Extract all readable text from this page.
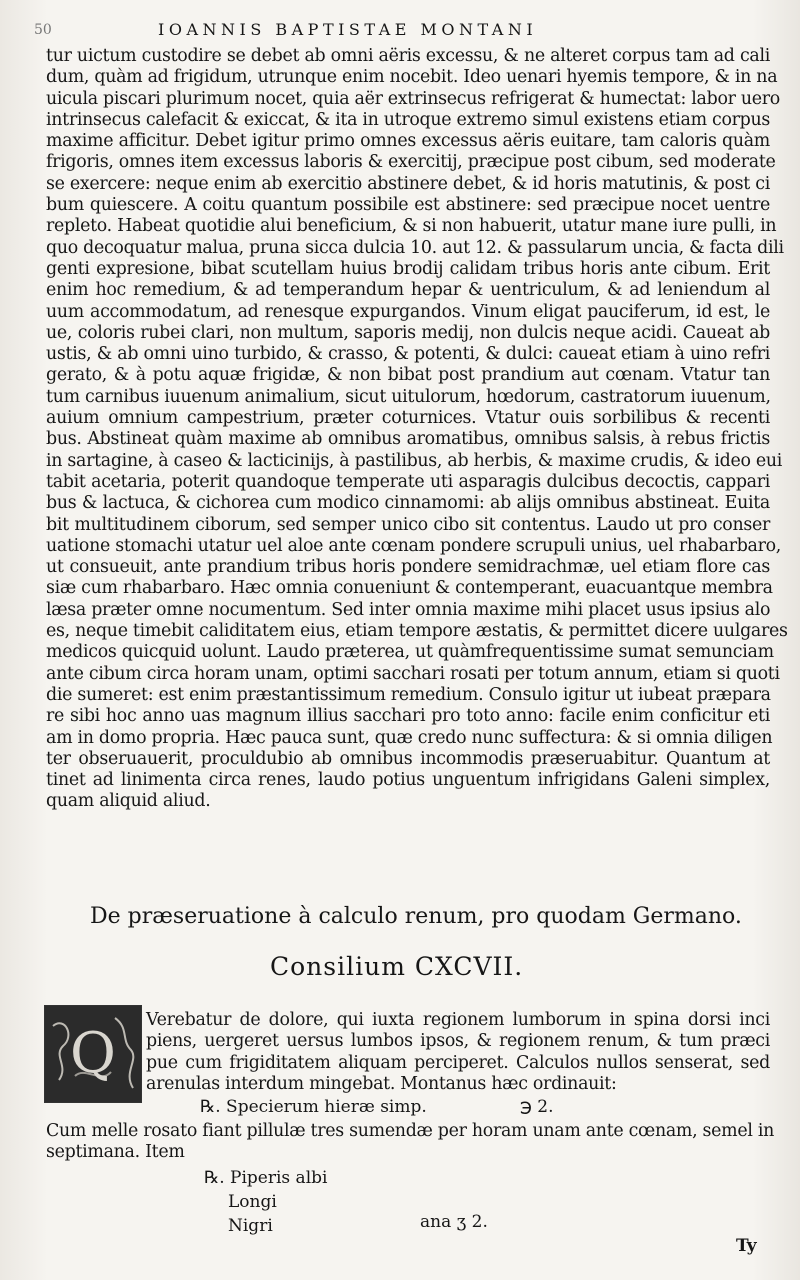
50	IOANNIS BAPTISTAE MONTANI
tur uictum custodire se debet ab omni aëris excessu, & ne alteret corpus tam ad cali
dum, quàm ad frigidum, utrunque enim nocebit. Ideo uenari hyemis tempore, & in na
uicula piscari plurimum nocet, quia aër extrinsecus refrigerat & humectat: labor uero
intrinsecus calefacit & exiccat, & ita in utroque extremo simul existens etiam corpus
maxime afficitur. Debet igitur primo omnes excessus aëris euitare, tam caloris quàm
frigoris, omnes item excessus laboris & exercitij, præcipue post cibum, sed moderate
se exercere: neque enim ab exercitio abstinere debet, & id horis matutinis, & post ci
bum quiescere. A coitu quantum possibile est abstinere: sed præcipue nocet uentre
repleto. Habeat quotidie alui beneficium, & si non habuerit, utatur mane iure pulli, in
quo decoquatur malua, pruna sicca dulcia 10. aut 12. & passularum uncia, & facta dili
genti expresione, bibat scutellam huius brodij calidam tribus horis ante cibum. Erit
enim hoc remedium, & ad temperandum hepar & uentriculum, & ad leniendum al
uum accommodatum, ad renesque expurgandos. Vinum eligat pauciferum, id est, le
ue, coloris rubei clari, non multum, saporis medij, non dulcis neque acidi. Caueat ab
ustis, & ab omni uino turbido, & crasso, & potenti, & dulci: caueat etiam à uino refri
gerato, & à potu aquæ frigidæ, & non bibat post prandium aut cœnam. Vtatur tan
tum carnibus iuuenum animalium, sicut uitulorum, hœdorum, castratorum iuuenum,
auium omnium campestrium, præter coturnices. Vtatur ouis sorbilibus & recenti
bus. Abstineat quàm maxime ab omnibus aromatibus, omnibus salsis, à rebus frictis
in sartagine, à caseo & lacticinijs, à pastilibus, ab herbis, & maxime crudis, & ideo eui
tabit acetaria, poterit quandoque temperate uti asparagis dulcibus decoctis, cappari
bus & lactuca, & cichorea cum modico cinnamomi: ab alijs omnibus abstineat. Euita
bit multitudinem ciborum, sed semper unico cibo sit contentus. Laudo ut pro conser
uatione stomachi utatur uel aloe ante cœnam pondere scrupuli unius, uel rhabarbaro,
ut consueuit, ante prandium tribus horis pondere semidrachmæ, uel etiam flore cas
siæ cum rhabarbaro. Hæc omnia conueniunt & contemperant, euacuantque membra
læsa præter omne nocumentum. Sed inter omnia maxime mihi placet usus ipsius alo
es, neque timebit caliditatem eius, etiam tempore æstatis, & permittet dicere uulgares
medicos quicquid uolunt. Laudo præterea, ut quàmfrequentissime sumat semunciam
ante cibum circa horam unam, optimi sacchari rosati per totum annum, etiam si quoti
die sumeret: est enim præstantissimum remedium. Consulo igitur ut iubeat præpara
re sibi hoc anno uas magnum illius sacchari pro toto anno: facile enim conficitur eti
am in domo propria. Hæc pauca sunt, quæ credo nunc suffectura: & si omnia diligen
ter obseruauerit, proculdubio ab omnibus incommodis præseruabitur. Quantum at
tinet ad linimenta circa renes, laudo potius unguentum infrigidans Galeni simplex,
quam aliquid aliud.
De præseruatione à calculo renum, pro quodam Germano.
Consilium CXCVII.
Q
Verebatur de dolore, qui iuxta regionem lumborum in spina dorsi inci
piens, uergeret uersus lumbos ipsos, & regionem renum, & tum præci
pue cum frigiditatem aliquam perciperet. Calculos nullos senserat, sed
arenulas interdum mingebat. Montanus hæc ordinauit:
℞. Specierum hieræ simp.	℈ 2.
Cum melle rosato fiant pillulæ tres sumendæ per horam unam ante cœnam, semel in
septimana. Item
℞. Piperis albi
Longi
Nigri	ana ʒ 2.
Ty
